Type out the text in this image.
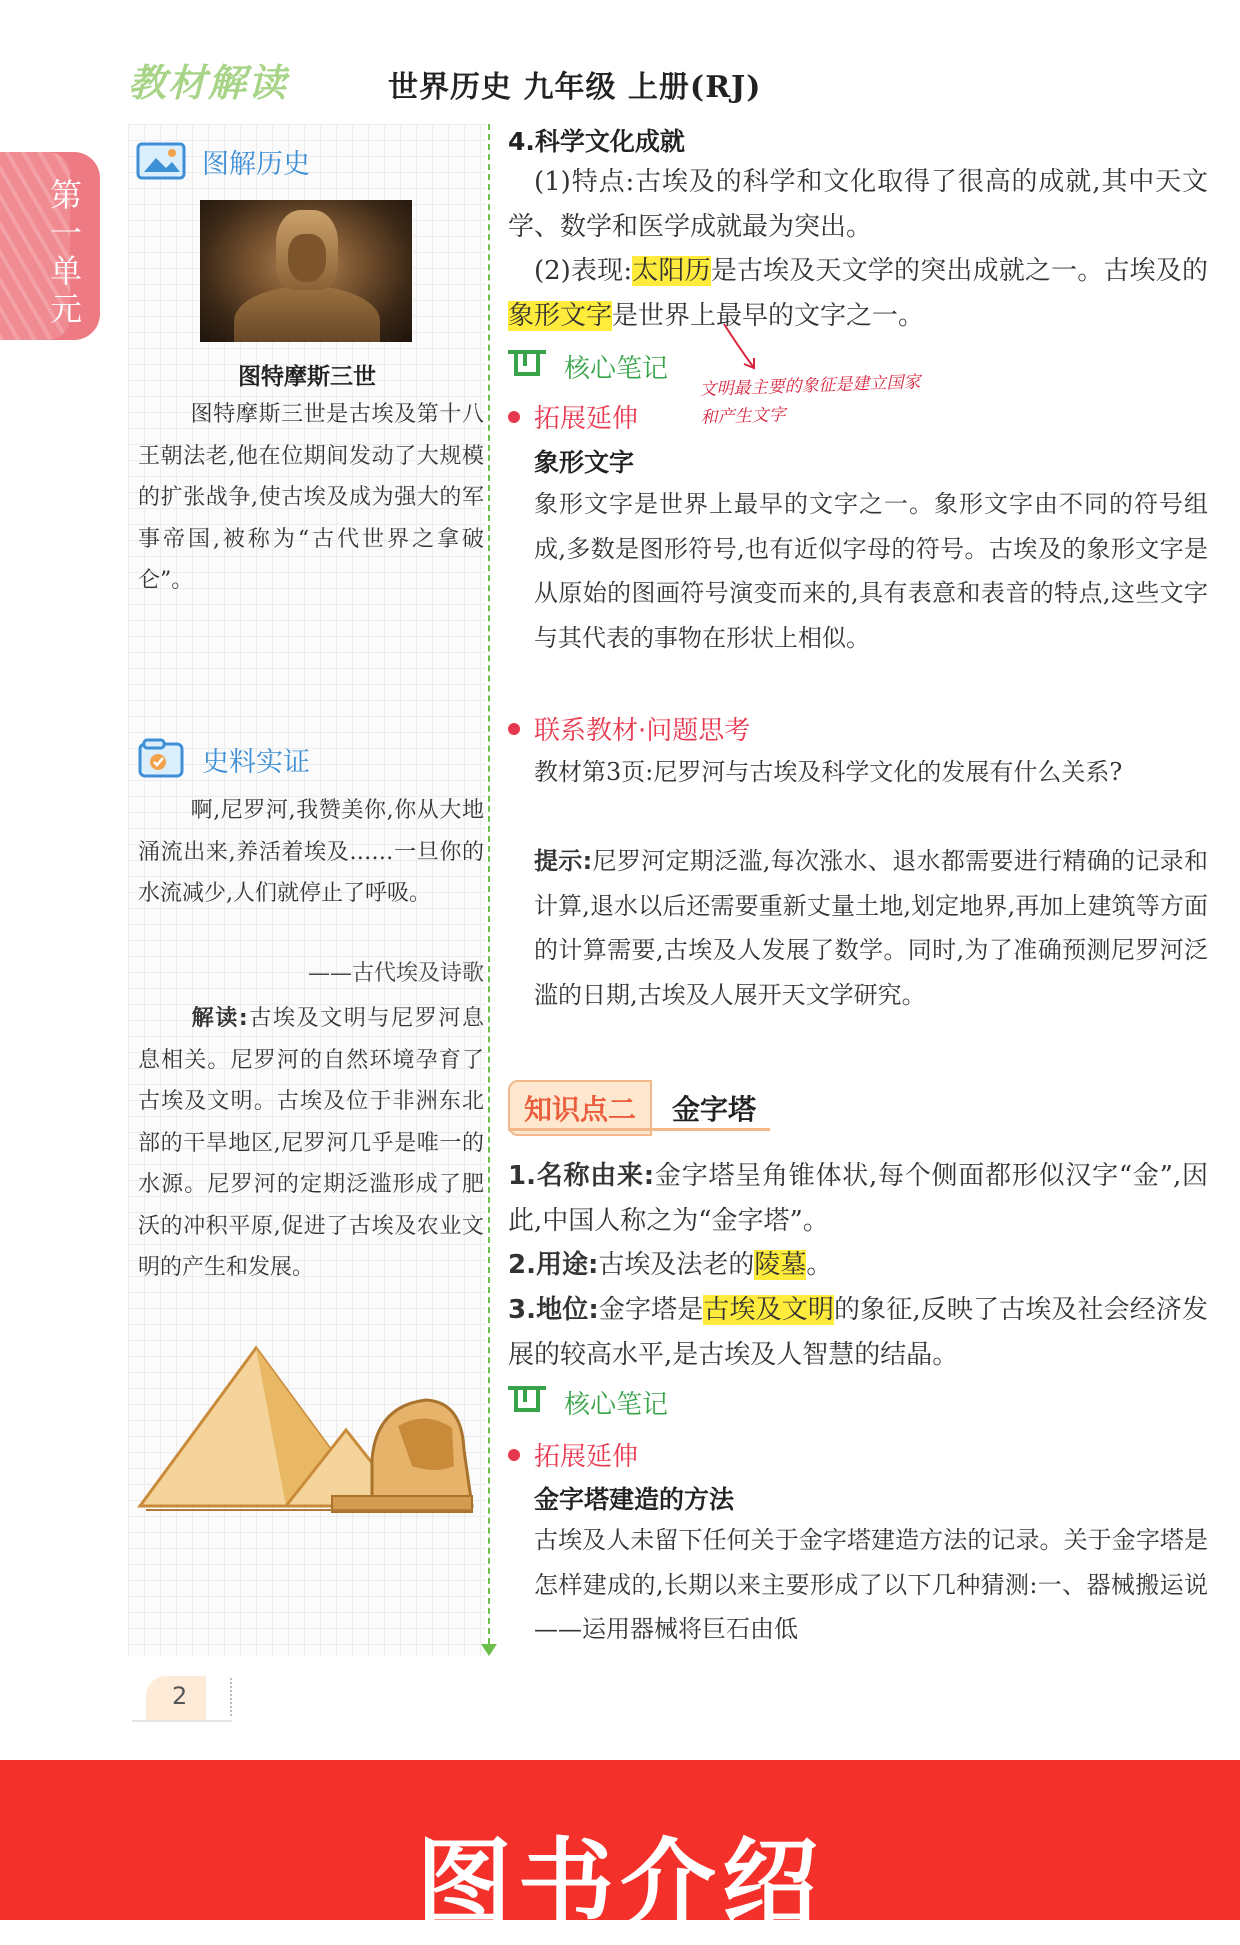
教材解读	世界历史 九年级 上册(RJ)
第一单元
图解历史
图特摩斯三世

图特摩斯三世是古埃及第十八王朝法老,他在位期间发动了大规模的扩张战争,使古埃及成为强大的军事帝国,被称为“古代世界之拿破仑”。

史料实证

啊,尼罗河,我赞美你,你从大地涌流出来,养活着埃及……一旦你的水流减少,人们就停止了呼吸。

——古代埃及诗歌

解读:古埃及文明与尼罗河息息相关。尼罗河的自然环境孕育了古埃及文明。古埃及位于非洲东北部的干旱地区,尼罗河几乎是唯一的水源。尼罗河的定期泛滥形成了肥沃的冲积平原,促进了古埃及农业文明的产生和发展。

4.科学文化成就

(1)特点:古埃及的科学和文化取得了很高的成就,其中天文学、数学和医学成就最为突出。

(2)表现:太阳历是古埃及天文学的突出成就之一。古埃及的象形文字是世界上最早的文字之一。

核心笔记
文明最主要的象征是建立国家和产生文字
拓展延伸
象形文字

象形文字是世界上最早的文字之一。象形文字由不同的符号组成,多数是图形符号,也有近似字母的符号。古埃及的象形文字是从原始的图画符号演变而来的,具有表意和表音的特点,这些文字与其代表的事物在形状上相似。

联系教材·问题思考

教材第3页:尼罗河与古埃及科学文化的发展有什么关系?

提示:尼罗河定期泛滥,每次涨水、退水都需要进行精确的记录和计算,退水以后还需要重新丈量土地,划定地界,再加上建筑等方面的计算需要,古埃及人发展了数学。同时,为了准确预测尼罗河泛滥的日期,古埃及人展开天文学研究。

知识点二	金字塔

1.名称由来:金字塔呈角锥体状,每个侧面都形似汉字“金”,因此,中国人称之为“金字塔”。

2.用途:古埃及法老的陵墓。

3.地位:金字塔是古埃及文明的象征,反映了古埃及社会经济发展的较高水平,是古埃及人智慧的结晶。

核心笔记
拓展延伸
金字塔建造的方法

古埃及人未留下任何关于金字塔建造方法的记录。关于金字塔是怎样建成的,长期以来主要形成了以下几种猜测:一、器械搬运说——运用器械将巨石由低

2
图书介绍
